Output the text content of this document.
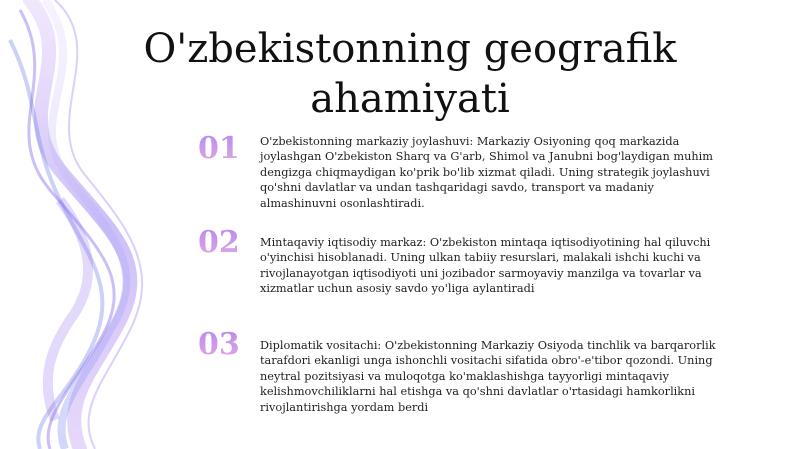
O'zbekistonning geografik ahamiyati
01 O'zbekistonning markaziy joylashuvi: Markaziy Osiyoning qoq markazida joylashgan O'zbekiston Sharq va G'arb, Shimol va Janubni bog'laydigan muhim dengizga chiqmaydigan ko'prik bo'lib xizmat qiladi. Uning strategik joylashuvi qo'shni davlatlar va undan tashqaridagi savdo, transport va madaniy almashinuvni osonlashtiradi.

02 Mintaqaviy iqtisodiy markaz: O'zbekiston mintaqa iqtisodiyotining hal qiluvchi o'yinchisi hisoblanadi. Uning ulkan tabiiy resurslari, malakali ishchi kuchi va rivojlanayotgan iqtisodiyoti uni jozibador sarmoyaviy manzilga va tovarlar va xizmatlar uchun asosiy savdo yo'liga aylantiradi

03 Diplomatik vositachi: O'zbekistonning Markaziy Osiyoda tinchlik va barqarorlik tarafdori ekanligi unga ishonchli vositachi sifatida obro'-e'tibor qozondi. Uning neytral pozitsiyasi va muloqotga ko'maklashishga tayyorligi mintaqaviy kelishmovchiliklarni hal etishga va qo'shni davlatlar o'rtasidagi hamkorlikni rivojlantirishga yordam berdi
